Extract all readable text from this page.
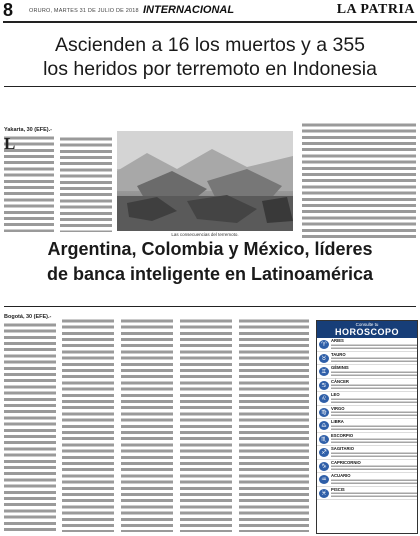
8	ORURO, MARTES 31 DE JULIO DE 2018 INTERNACIONAL	LA PATRIA
Ascienden a 16 los muertos y a 355
los heridos por terremoto en Indonesia
Yakarta, 30 (EFE).-
L
Las consecuencias del terremoto.
Argentina, Colombia y México, líderes
de banca inteligente en Latinoamérica
Bogotá, 30 (EFE).-
Consulte tu
HOROSCOPO
♈
ARIES
♉
TAURO
♊
GÉMINIS
♋
CÁNCER
♌
LEO
♍
VIRGO
♎
LIBRA
♏
ESCORPIO
♐
SAGITARIO
♑
CAPRICORNIO
♒
ACUARIO
♓
PISCIS
